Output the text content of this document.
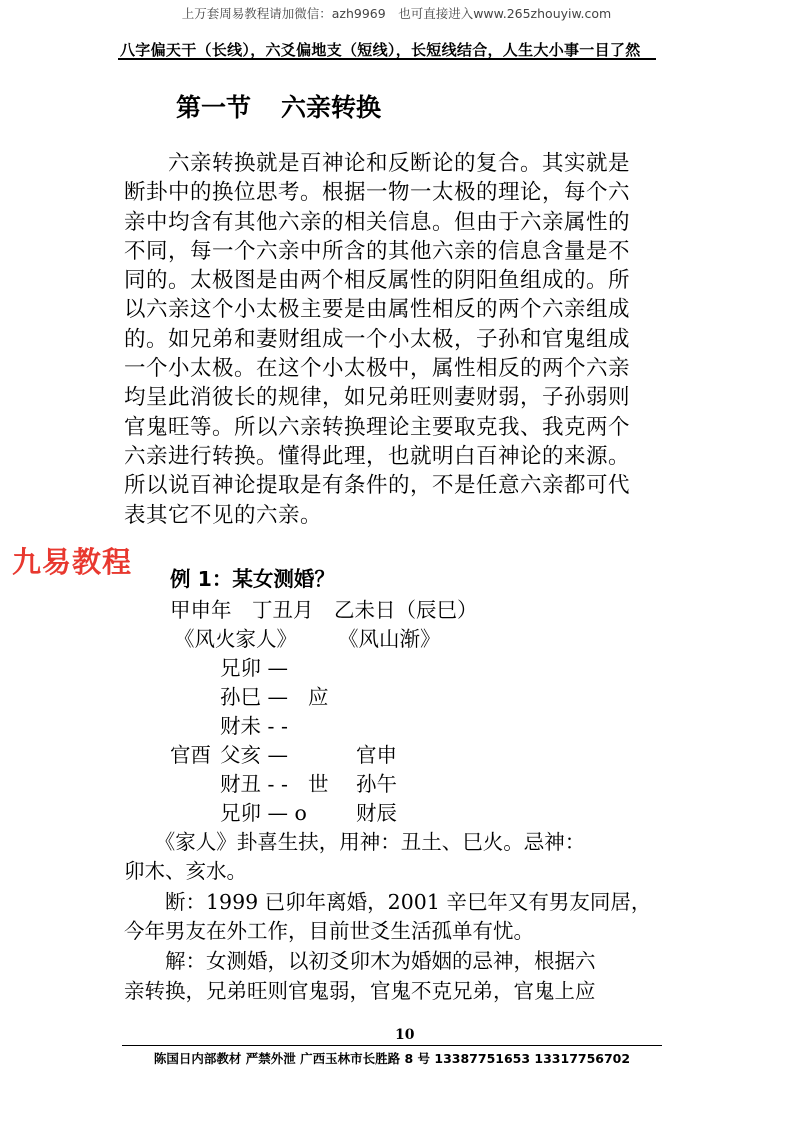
上万套周易教程请加微信：azh9969　也可直接进入www.265zhouyiw.com
八字偏天干（长线），六爻偏地支（短线），长短线结合，人生大小事一目了然
第一节 六亲转换
　　六亲转换就是百神论和反断论的复合。其实就是
断卦中的换位思考。根据一物一太极的理论，每个六
亲中均含有其他六亲的相关信息。但由于六亲属性的
不同，每一个六亲中所含的其他六亲的信息含量是不
同的。太极图是由两个相反属性的阴阳鱼组成的。所
以六亲这个小太极主要是由属性相反的两个六亲组成
的。如兄弟和妻财组成一个小太极，子孙和官鬼组成
一个小太极。在这个小太极中，属性相反的两个六亲
均呈此消彼长的规律，如兄弟旺则妻财弱，子孙弱则
官鬼旺等。所以六亲转换理论主要取克我、我克两个
六亲进行转换。懂得此理，也就明白百神论的来源。
所以说百神论提取是有条件的，不是任意六亲都可代
表其它不见的六亲。
九易教程 例 1：某女测婚？
甲申年　丁丑月　乙未日（辰巳）
《风火家人》 《风山渐》
兄卯 —
孙巳 — 应
财未 - -
官酉 父亥 —	官申
财丑 - - 世 孙午
兄卯 — o 财辰
　　《家人》卦喜生扶，用神：丑土、巳火。忌神：
卯木、亥水。
　　断：1999 已卯年离婚，2001 辛巳年又有男友同居，
今年男友在外工作，目前世爻生活孤单有忧。
　　解：女测婚，以初爻卯木为婚姻的忌神，根据六
亲转换，兄弟旺则官鬼弱，官鬼不克兄弟，官鬼上应
10
陈国日内部教材 严禁外泄 广西玉林市长胜路 8 号 13387751653 13317756702
